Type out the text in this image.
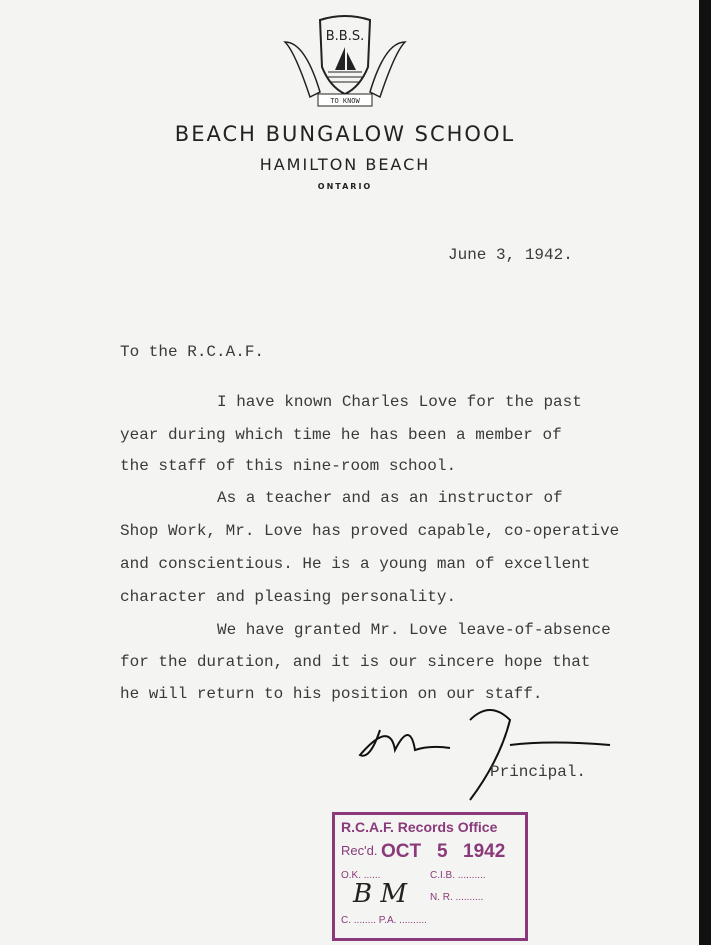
B.B.S.
TO KNOW
BEACH BUNGALOW SCHOOL
HAMILTON BEACH
ONTARIO
June 3, 1942.
To the R.C.A.F.
I have known Charles Love for the past
year during which time he has been a member of
the staff of this nine-room school.
As a teacher and as an instructor of
Shop Work, Mr. Love has proved capable, co-operative
and conscientious. He is a young man of excellent
character and pleasing personality.
We have granted Mr. Love leave-of-absence
for the duration, and it is our sincere hope that
he will return to his position on our staff.
Principal.
R.C.A.F. Records Office
Rec'd. OCT 5 1942
O.K. ......	C.I.B. ..........
N. R. ..........
C. ........ P.A. ..........
B M
